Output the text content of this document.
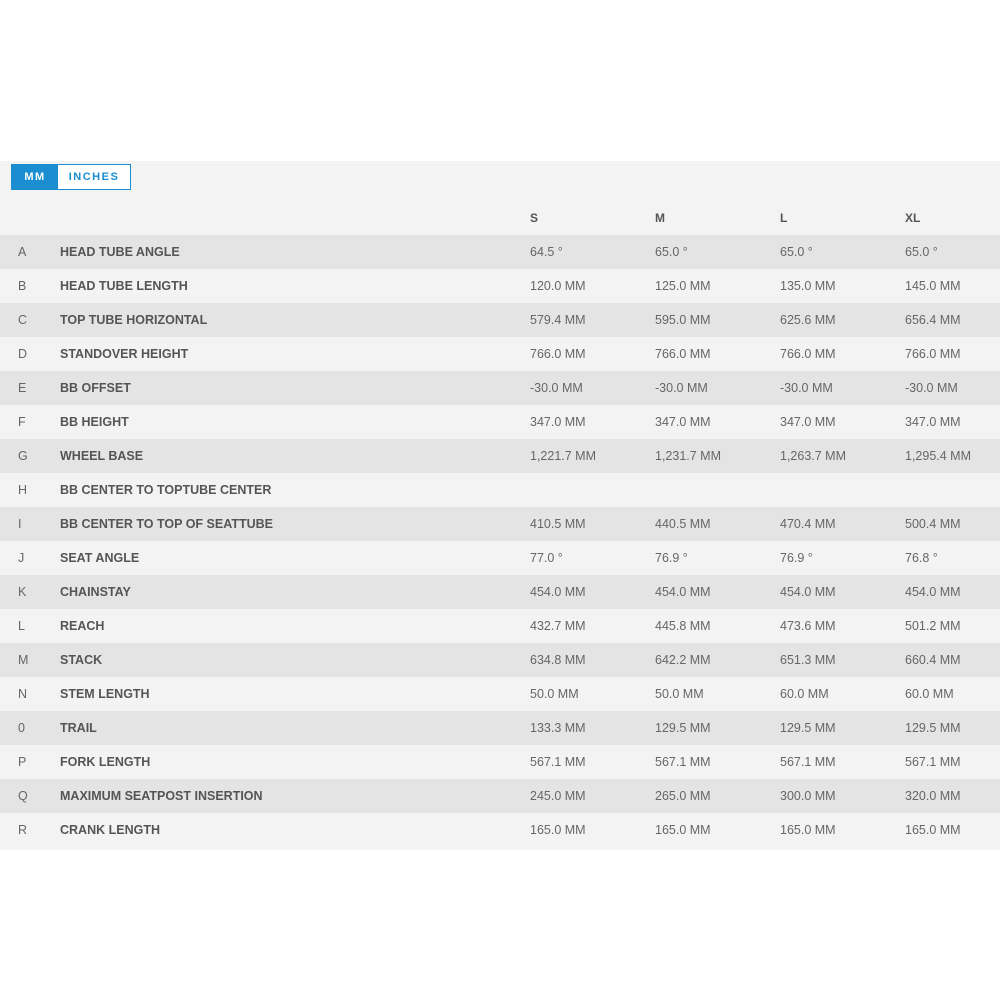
MM	INCHES
S	M	L	XL
A	HEAD TUBE ANGLE	64.5 °	65.0 °	65.0 °	65.0 °
B	HEAD TUBE LENGTH	120.0 MM	125.0 MM	135.0 MM	145.0 MM
C	TOP TUBE HORIZONTAL	579.4 MM	595.0 MM	625.6 MM	656.4 MM
D	STANDOVER HEIGHT	766.0 MM	766.0 MM	766.0 MM	766.0 MM
E	BB OFFSET	-30.0 MM	-30.0 MM	-30.0 MM	-30.0 MM
F	BB HEIGHT	347.0 MM	347.0 MM	347.0 MM	347.0 MM
G	WHEEL BASE	1,221.7 MM	1,231.7 MM	1,263.7 MM	1,295.4 MM
H	BB CENTER TO TOPTUBE CENTER
I	BB CENTER TO TOP OF SEATTUBE	410.5 MM	440.5 MM	470.4 MM	500.4 MM
J	SEAT ANGLE	77.0 °	76.9 °	76.9 °	76.8 °
K	CHAINSTAY	454.0 MM	454.0 MM	454.0 MM	454.0 MM
L	REACH	432.7 MM	445.8 MM	473.6 MM	501.2 MM
M	STACK	634.8 MM	642.2 MM	651.3 MM	660.4 MM
N	STEM LENGTH	50.0 MM	50.0 MM	60.0 MM	60.0 MM
0	TRAIL	133.3 MM	129.5 MM	129.5 MM	129.5 MM
P	FORK LENGTH	567.1 MM	567.1 MM	567.1 MM	567.1 MM
Q	MAXIMUM SEATPOST INSERTION	245.0 MM	265.0 MM	300.0 MM	320.0 MM
R	CRANK LENGTH	165.0 MM	165.0 MM	165.0 MM	165.0 MM
